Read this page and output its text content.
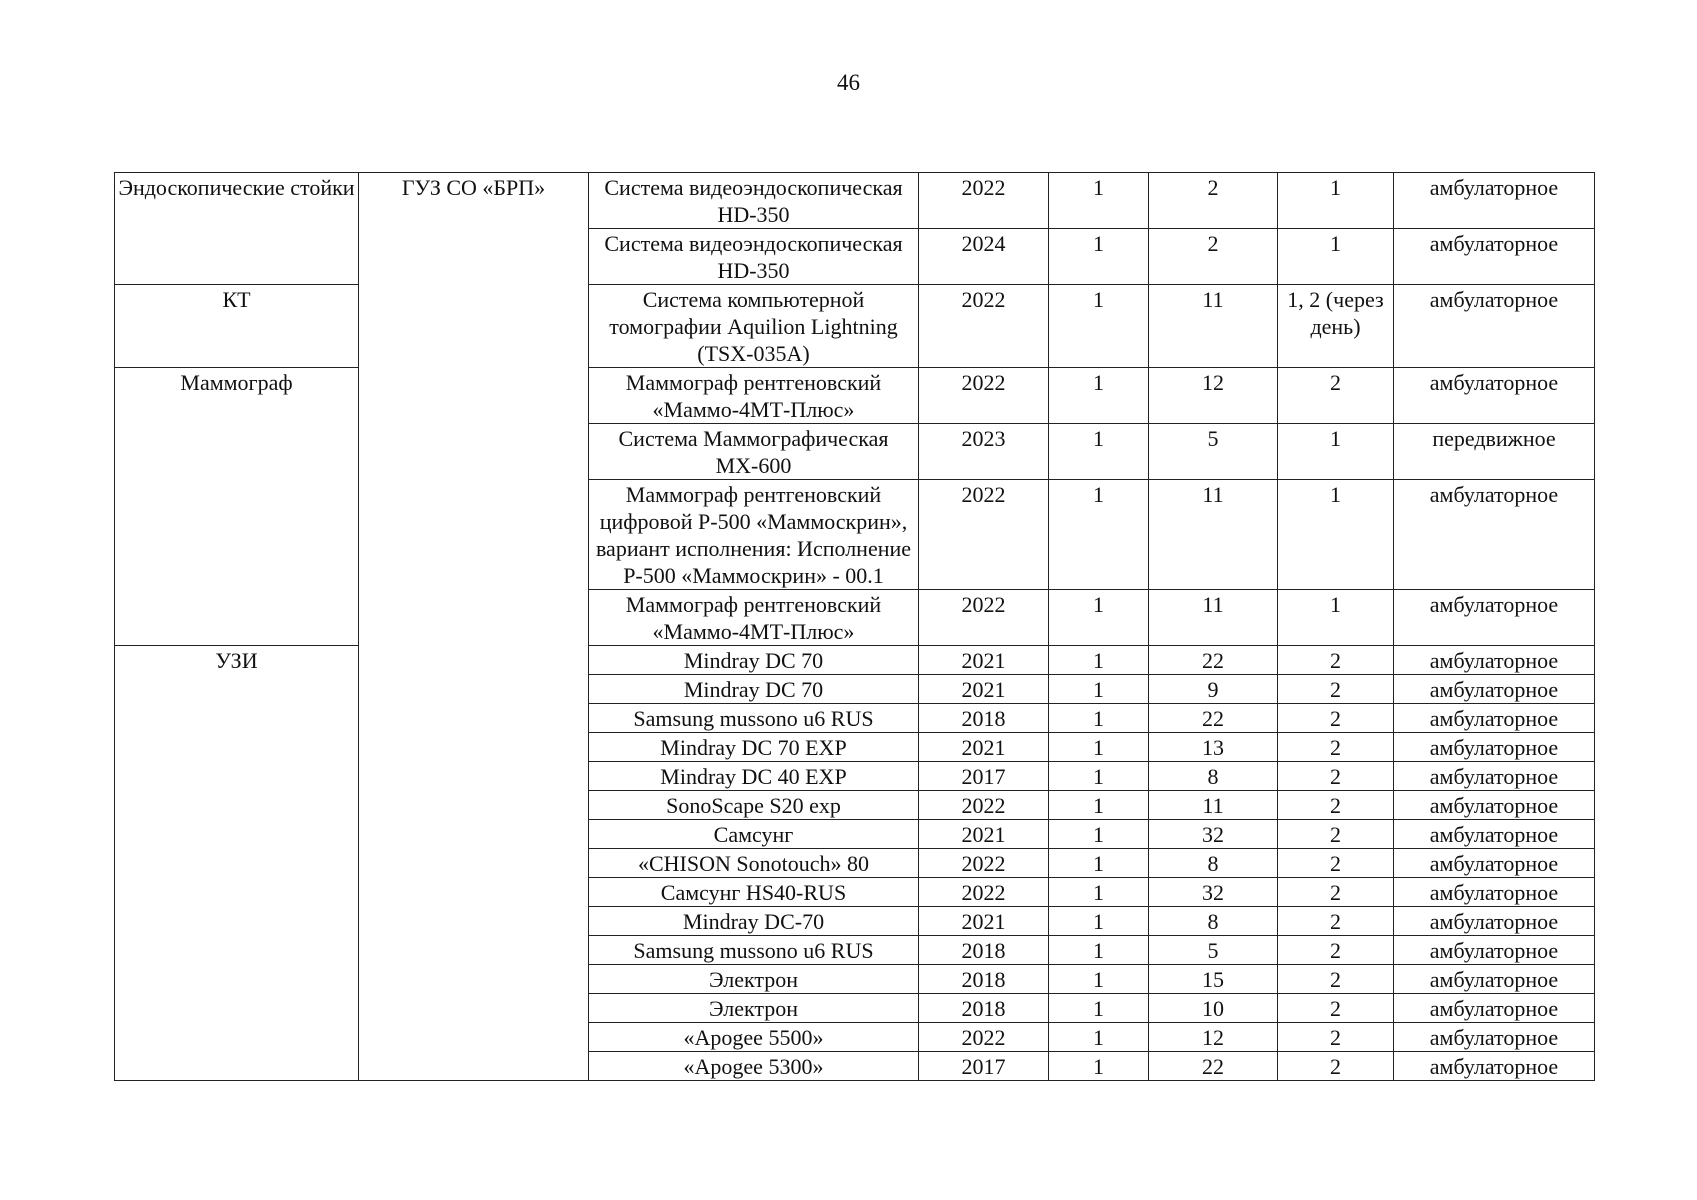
46
Эндоскопические стойки	ГУЗ СО «БРП»	Система видеоэндоскопическая HD-350	2022	1	2	1	амбулаторное
		Система видеоэндоскопическая HD-350	2024	1	2	1	амбулаторное
КТ		Система компьютерной томографии Aquilion Lightning (TSX-035A)	2022	1	11	1, 2 (через день)	амбулаторное
Маммограф		Маммограф рентгеновский «Маммо-4МТ-Плюс»	2022	1	12	2	амбулаторное
		Система Маммографическая МХ-600	2023	1	5	1	передвижное
		Маммограф рентгеновский цифровой Р-500 «Маммоскрин», вариант исполнения: Исполнение Р-500 «Маммоскрин» - 00.1	2022	1	11	1	амбулаторное
		Маммограф рентгеновский «Маммо-4МТ-Плюс»	2022	1	11	1	амбулаторное
УЗИ		Mindray DC 70	2021	1	22	2	амбулаторное
		Mindray DC 70	2021	1	9	2	амбулаторное
		Samsung mussono u6 RUS	2018	1	22	2	амбулаторное
		Mindray DC 70 EXP	2021	1	13	2	амбулаторное
		Mindray DC 40 EXP	2017	1	8	2	амбулаторное
		SonoScape S20 exp	2022	1	11	2	амбулаторное
		Самсунг	2021	1	32	2	амбулаторное
		«CHISON Sonotouch» 80	2022	1	8	2	амбулаторное
		Самсунг HS40-RUS	2022	1	32	2	амбулаторное
		Mindray DC-70	2021	1	8	2	амбулаторное
		Samsung mussono u6 RUS	2018	1	5	2	амбулаторное
		Электрон	2018	1	15	2	амбулаторное
		Электрон	2018	1	10	2	амбулаторное
		«Apogee 5500»	2022	1	12	2	амбулаторное
		«Apogee 5300»	2017	1	22	2	амбулаторное
